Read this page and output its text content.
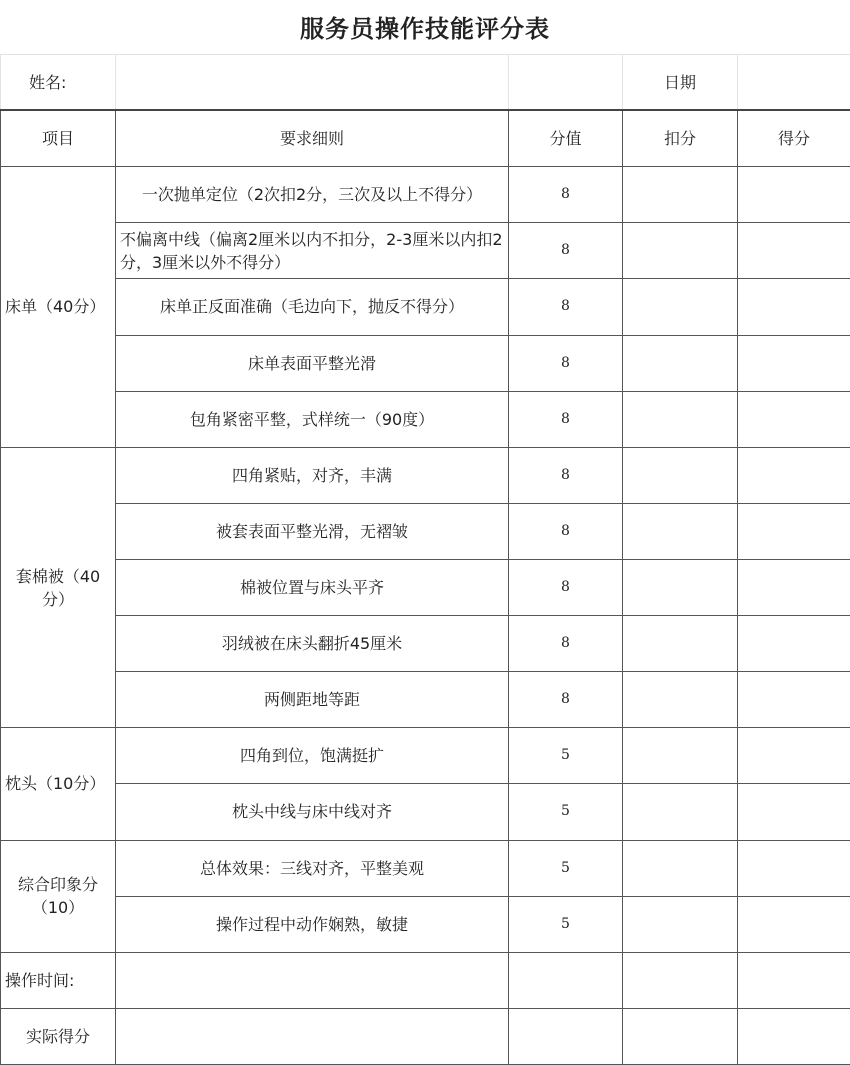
服务员操作技能评分表
姓名:			日期	
项目	要求细则	分值	扣分	得分
床单（40分）	一次抛单定位（2次扣2分，三次及以上不得分）	8		
	不偏离中线（偏离2厘米以内不扣分，2-3厘米以内扣2分，3厘米以外不得分）	8		
	床单正反面准确（毛边向下，抛反不得分）	8		
	床单表面平整光滑	8		
	包角紧密平整，式样统一（90度）	8		
套棉被（40分）	四角紧贴，对齐，丰满	8		
	被套表面平整光滑，无褶皱	8		
	棉被位置与床头平齐	8		
	羽绒被在床头翻折45厘米	8		
	两侧距地等距	8		
枕头（10分）	四角到位，饱满挺扩	5		
	枕头中线与床中线对齐	5		
综合印象分（10）	总体效果：三线对齐，平整美观	5		
	操作过程中动作娴熟，敏捷	5		
操作时间:				
实际得分				
